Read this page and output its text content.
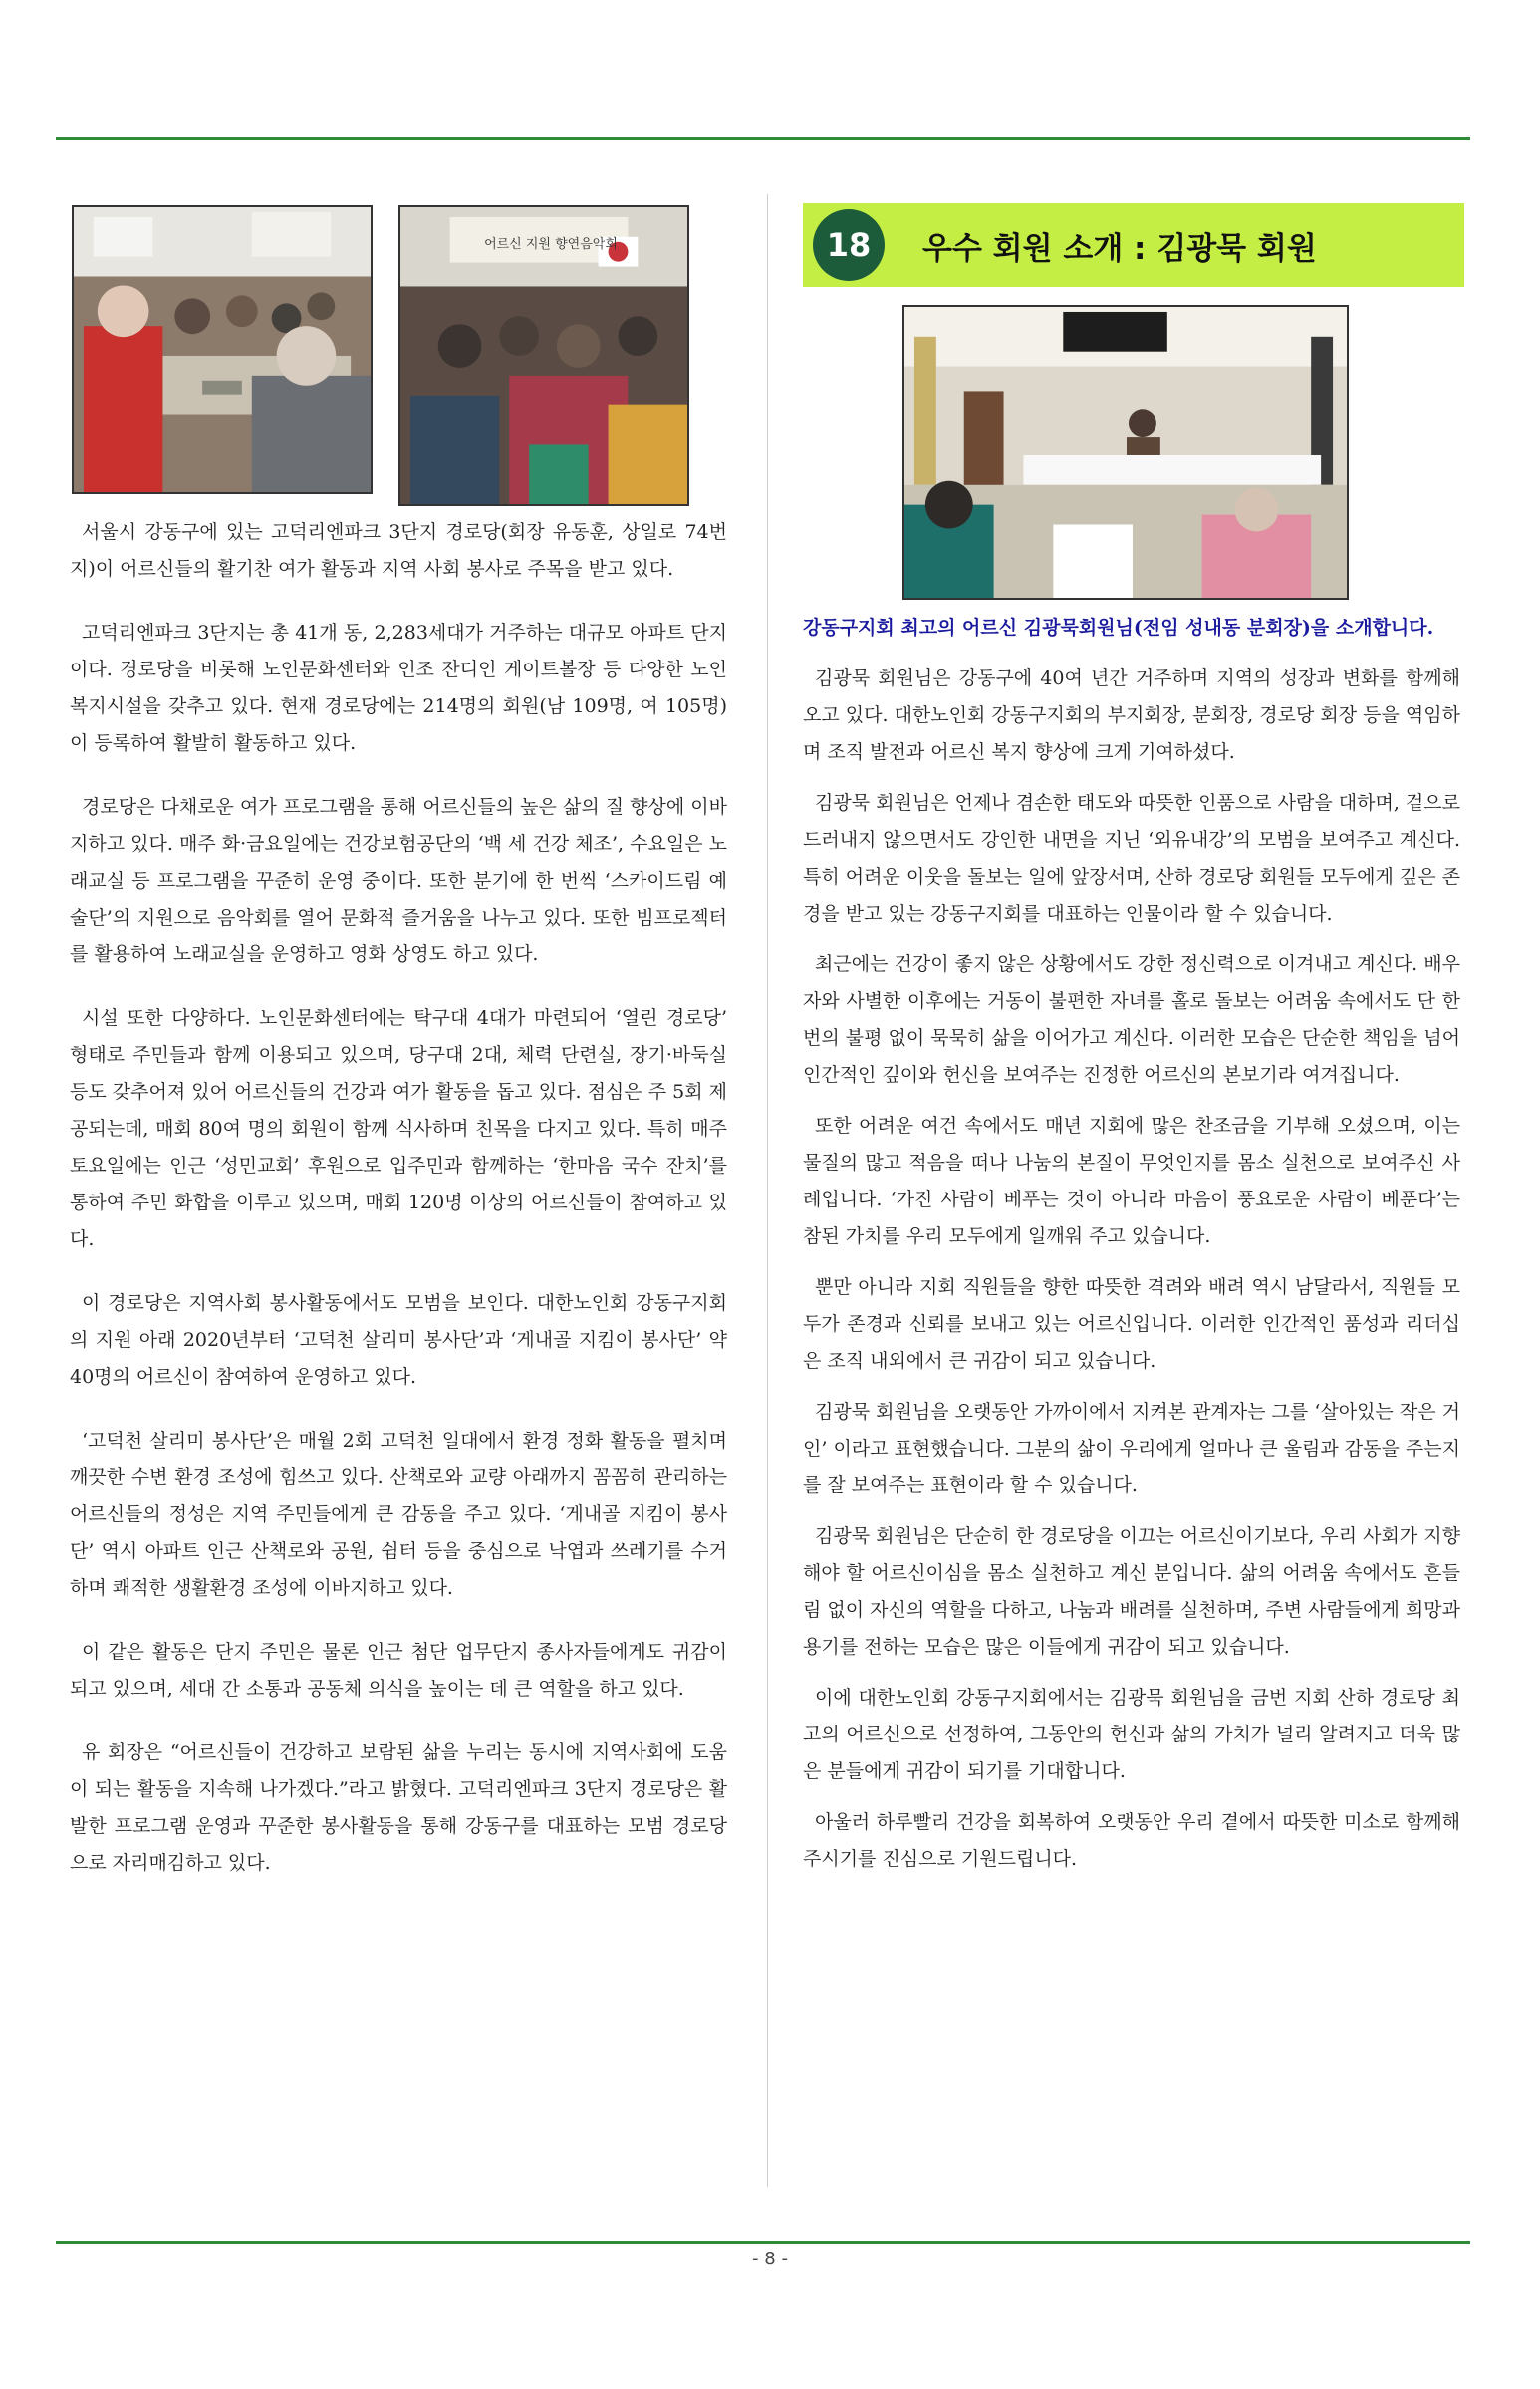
어르신 지원 향연음악회

서울시 강동구에 있는 고덕리엔파크 3단지 경로당(회장 유동훈, 상일로 74번지)이 어르신들의 활기찬 여가 활동과 지역 사회 봉사로 주목을 받고 있다.

고덕리엔파크 3단지는 총 41개 동, 2,283세대가 거주하는 대규모 아파트 단지이다. 경로당을 비롯해 노인문화센터와 인조 잔디인 게이트볼장 등 다양한 노인 복지시설을 갖추고 있다. 현재 경로당에는 214명의 회원(남 109명, 여 105명)이 등록하여 활발히 활동하고 있다.

경로당은 다채로운 여가 프로그램을 통해 어르신들의 높은 삶의 질 향상에 이바지하고 있다. 매주 화·금요일에는 건강보험공단의 ‘백 세 건강 체조’, 수요일은 노래교실 등 프로그램을 꾸준히 운영 중이다. 또한 분기에 한 번씩 ‘스카이드림 예술단’의 지원으로 음악회를 열어 문화적 즐거움을 나누고 있다. 또한 빔프로젝터를 활용하여 노래교실을 운영하고 영화 상영도 하고 있다.

시설 또한 다양하다. 노인문화센터에는 탁구대 4대가 마련되어 ‘열린 경로당’ 형태로 주민들과 함께 이용되고 있으며, 당구대 2대, 체력 단련실, 장기·바둑실 등도 갖추어져 있어 어르신들의 건강과 여가 활동을 돕고 있다. 점심은 주 5회 제공되는데, 매회 80여 명의 회원이 함께 식사하며 친목을 다지고 있다. 특히 매주 토요일에는 인근 ‘성민교회’ 후원으로 입주민과 함께하는 ‘한마음 국수 잔치’를 통하여 주민 화합을 이루고 있으며, 매회 120명 이상의 어르신들이 참여하고 있다.

이 경로당은 지역사회 봉사활동에서도 모범을 보인다. 대한노인회 강동구지회의 지원 아래 2020년부터 ‘고덕천 살리미 봉사단’과 ‘게내골 지킴이 봉사단’ 약 40명의 어르신이 참여하여 운영하고 있다.

‘고덕천 살리미 봉사단’은 매월 2회 고덕천 일대에서 환경 정화 활동을 펼치며 깨끗한 수변 환경 조성에 힘쓰고 있다. 산책로와 교량 아래까지 꼼꼼히 관리하는 어르신들의 정성은 지역 주민들에게 큰 감동을 주고 있다. ‘게내골 지킴이 봉사단’ 역시 아파트 인근 산책로와 공원, 쉼터 등을 중심으로 낙엽과 쓰레기를 수거하며 쾌적한 생활환경 조성에 이바지하고 있다.

이 같은 활동은 단지 주민은 물론 인근 첨단 업무단지 종사자들에게도 귀감이 되고 있으며, 세대 간 소통과 공동체 의식을 높이는 데 큰 역할을 하고 있다.

유 회장은 “어르신들이 건강하고 보람된 삶을 누리는 동시에 지역사회에 도움이 되는 활동을 지속해 나가겠다.”라고 밝혔다. 고덕리엔파크 3단지 경로당은 활발한 프로그램 운영과 꾸준한 봉사활동을 통해 강동구를 대표하는 모범 경로당으로 자리매김하고 있다.

18	우수 회원 소개 : 김광묵 회원

강동구지회 최고의 어르신 김광묵회원님(전임 성내동 분회장)을 소개합니다.

김광묵 회원님은 강동구에 40여 년간 거주하며 지역의 성장과 변화를 함께해 오고 있다. 대한노인회 강동구지회의 부지회장, 분회장, 경로당 회장 등을 역임하며 조직 발전과 어르신 복지 향상에 크게 기여하셨다.

김광묵 회원님은 언제나 겸손한 태도와 따뜻한 인품으로 사람을 대하며, 겉으로 드러내지 않으면서도 강인한 내면을 지닌 ‘외유내강’의 모범을 보여주고 계신다. 특히 어려운 이웃을 돌보는 일에 앞장서며, 산하 경로당 회원들 모두에게 깊은 존경을 받고 있는 강동구지회를 대표하는 인물이라 할 수 있습니다.

최근에는 건강이 좋지 않은 상황에서도 강한 정신력으로 이겨내고 계신다. 배우자와 사별한 이후에는 거동이 불편한 자녀를 홀로 돌보는 어려움 속에서도 단 한 번의 불평 없이 묵묵히 삶을 이어가고 계신다. 이러한 모습은 단순한 책임을 넘어 인간적인 깊이와 헌신을 보여주는 진정한 어르신의 본보기라 여겨집니다.

또한 어려운 여건 속에서도 매년 지회에 많은 찬조금을 기부해 오셨으며, 이는 물질의 많고 적음을 떠나 나눔의 본질이 무엇인지를 몸소 실천으로 보여주신 사례입니다. ‘가진 사람이 베푸는 것이 아니라 마음이 풍요로운 사람이 베푼다’는 참된 가치를 우리 모두에게 일깨워 주고 있습니다.

뿐만 아니라 지회 직원들을 향한 따뜻한 격려와 배려 역시 남달라서, 직원들 모두가 존경과 신뢰를 보내고 있는 어르신입니다. 이러한 인간적인 품성과 리더십은 조직 내외에서 큰 귀감이 되고 있습니다.

김광묵 회원님을 오랫동안 가까이에서 지켜본 관계자는 그를 ‘살아있는 작은 거인’ 이라고 표현했습니다. 그분의 삶이 우리에게 얼마나 큰 울림과 감동을 주는지를 잘 보여주는 표현이라 할 수 있습니다.

김광묵 회원님은 단순히 한 경로당을 이끄는 어르신이기보다, 우리 사회가 지향해야 할 어르신이심을 몸소 실천하고 계신 분입니다. 삶의 어려움 속에서도 흔들림 없이 자신의 역할을 다하고, 나눔과 배려를 실천하며, 주변 사람들에게 희망과 용기를 전하는 모습은 많은 이들에게 귀감이 되고 있습니다.

이에 대한노인회 강동구지회에서는 김광묵 회원님을 금번 지회 산하 경로당 최고의 어르신으로 선정하여, 그동안의 헌신과 삶의 가치가 널리 알려지고 더욱 많은 분들에게 귀감이 되기를 기대합니다.

아울러 하루빨리 건강을 회복하여 오랫동안 우리 곁에서 따뜻한 미소로 함께해 주시기를 진심으로 기원드립니다.

- 8 -
